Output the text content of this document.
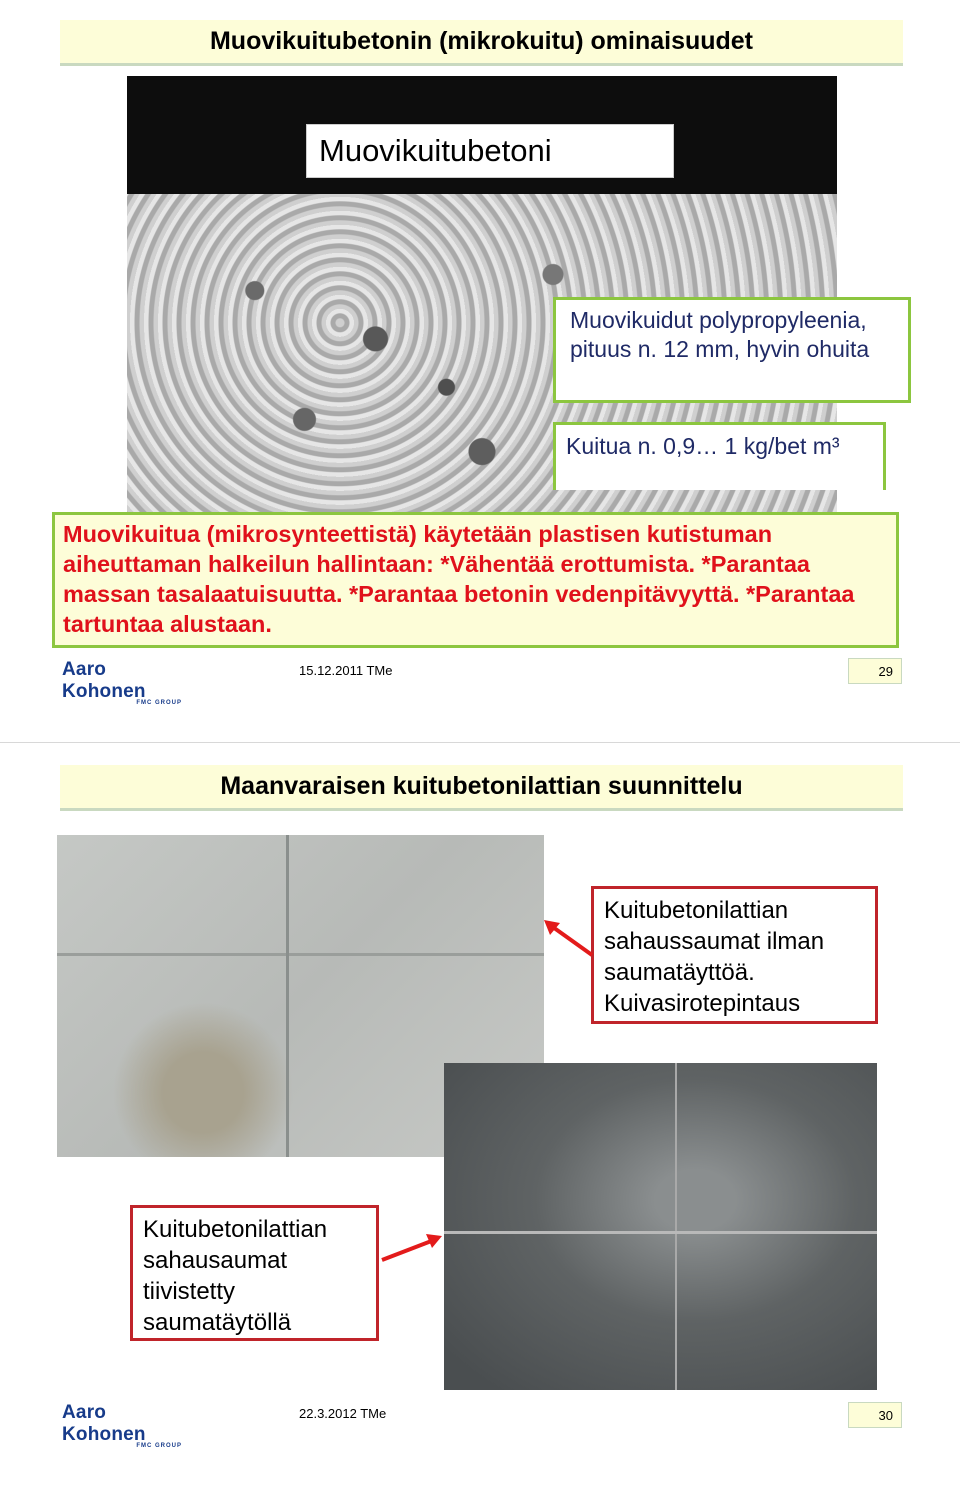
Muovikuitubetonin (mikrokuitu) ominaisuudet
Muovikuitubetoni
Muovikuidut polypropyleenia, pituus n. 12 mm, hyvin ohuita
Kuitua n. 0,9… 1 kg/bet m³
Muovikuitua (mikrosynteettistä) käytetään plastisen kutistuman aiheuttaman halkeilun hallintaan: *Vähentää erottumista. *Parantaa massan tasalaatuisuutta. *Parantaa betonin vedenpitävyyttä. *Parantaa tartuntaa alustaan.
Aaro Kohonen
FMC GROUP
15.12.2011 TMe	29
Maanvaraisen kuitubetonilattian suunnittelu
Kuitubetonilattian sahaussaumat ilman saumatäyttöä. Kuivasirotepintaus
Kuitubetonilattian sahausaumat tiivistetty saumatäytöllä
Aaro Kohonen
FMC GROUP
22.3.2012 TMe	30
